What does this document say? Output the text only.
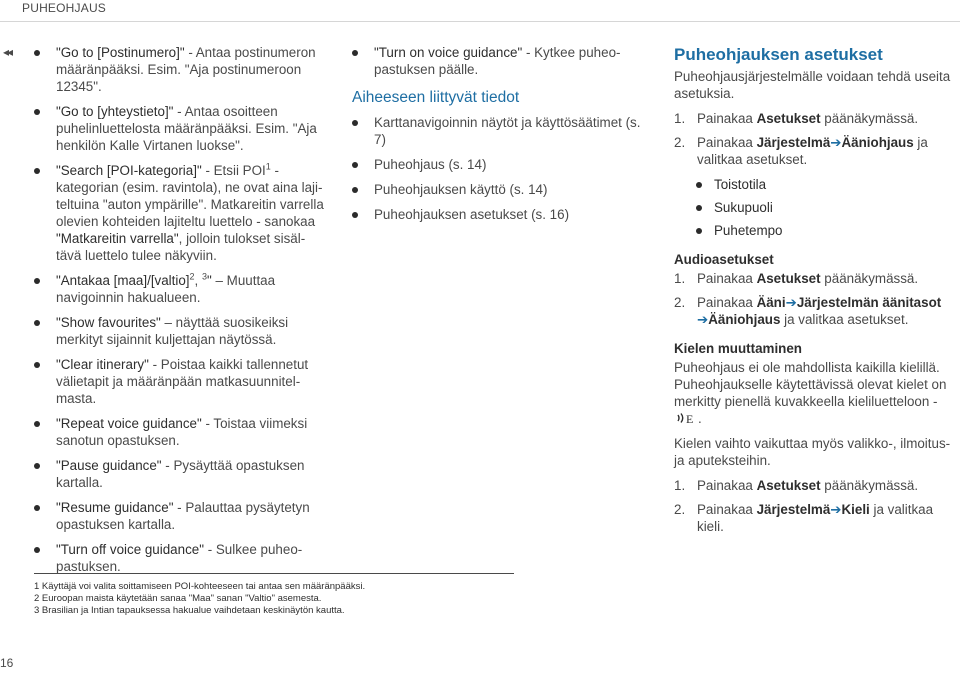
PUHEOHJAUS
◂◂	"Go to [Postinumero]" - Antaa postinumeron määränpääksi. Esim. "Aja postinumeroon 12345".
"Go to [yhteystieto]" - Antaa osoitteen puhelinluettelosta määränpääksi. Esim. "Aja henkilön Kalle Virtanen luokse".
"Search [POI-kategoria]" - Etsii POI$^1$ - kategorian (esim. ravintola), ne ovat aina lajiteltuina "auton ympärille". Matkareitin varrella olevien kohteiden lajiteltu luettelo - sanokaa "Matkareitin varrella", jolloin tulokset sisältävä luettelo tulee näkyviin.
"Antakaa [maa]/[valtio]$^2$, $^3$" – Muuttaa navigoinnin hakualueen.
"Show favourites" – näyttää suosikeiksi merkityt sijainnit kuljettajan näytössä.
"Clear itinerary" - Poistaa kaikki tallennetut välietapit ja määränpään matkasuunnitelmasta.
"Repeat voice guidance" - Toistaa viimeksi sanotun opastuksen.
"Pause guidance" - Pysäyttää opastuksen kartalla.
"Resume guidance" - Palauttaa pysäytetyn opastuksen kartalla.
"Turn off voice guidance" - Sulkee puheopastuksen.
"Turn on voice guidance" - Kytkee puheopastuksen päälle.
Aiheeseen liittyvät tiedot
Karttanavigoinnin näytöt ja käyttösäätimet (s. 7)
Puheohjaus (s. 14)
Puheohjauksen käyttö (s. 14)
Puheohjauksen asetukset (s. 16)
Puheohjauksen asetukset

Puheohjausjärjestelmälle voidaan tehdä useita asetuksia.

1. Painakaa Asetukset päänäkymässä.
2. Painakaa Järjestelmä➔Ääniohjaus ja valitkaa asetukset.
Toistotila
Sukupuoli
Puhetempo
Audioasetukset
1. Painakaa Asetukset päänäkymässä.
2. Painakaa Ääni➔Järjestelmän äänitasot
➔Ääniohjaus ja valitkaa asetukset.
Kielen muuttaminen

Puheohjaus ei ole mahdollista kaikilla kielillä. Puheohjaukselle käytettävissä olevat kielet on merkitty pienellä kuvakkeella kieliluetteloon -

E .

Kielen vaihto vaikuttaa myös valikko-, ilmoitus- ja aputeksteihin.

1. Painakaa Asetukset päänäkymässä.
2. Painakaa Järjestelmä➔Kieli ja valitkaa kieli.
1 Käyttäjä voi valita soittamiseen POI-kohteeseen tai antaa sen määränpääksi.
2 Euroopan maista käytetään sanaa "Maa" sanan "Valtio" asemesta.
3 Brasilian ja Intian tapauksessa hakualue vaihdetaan keskinäytön kautta.
16
